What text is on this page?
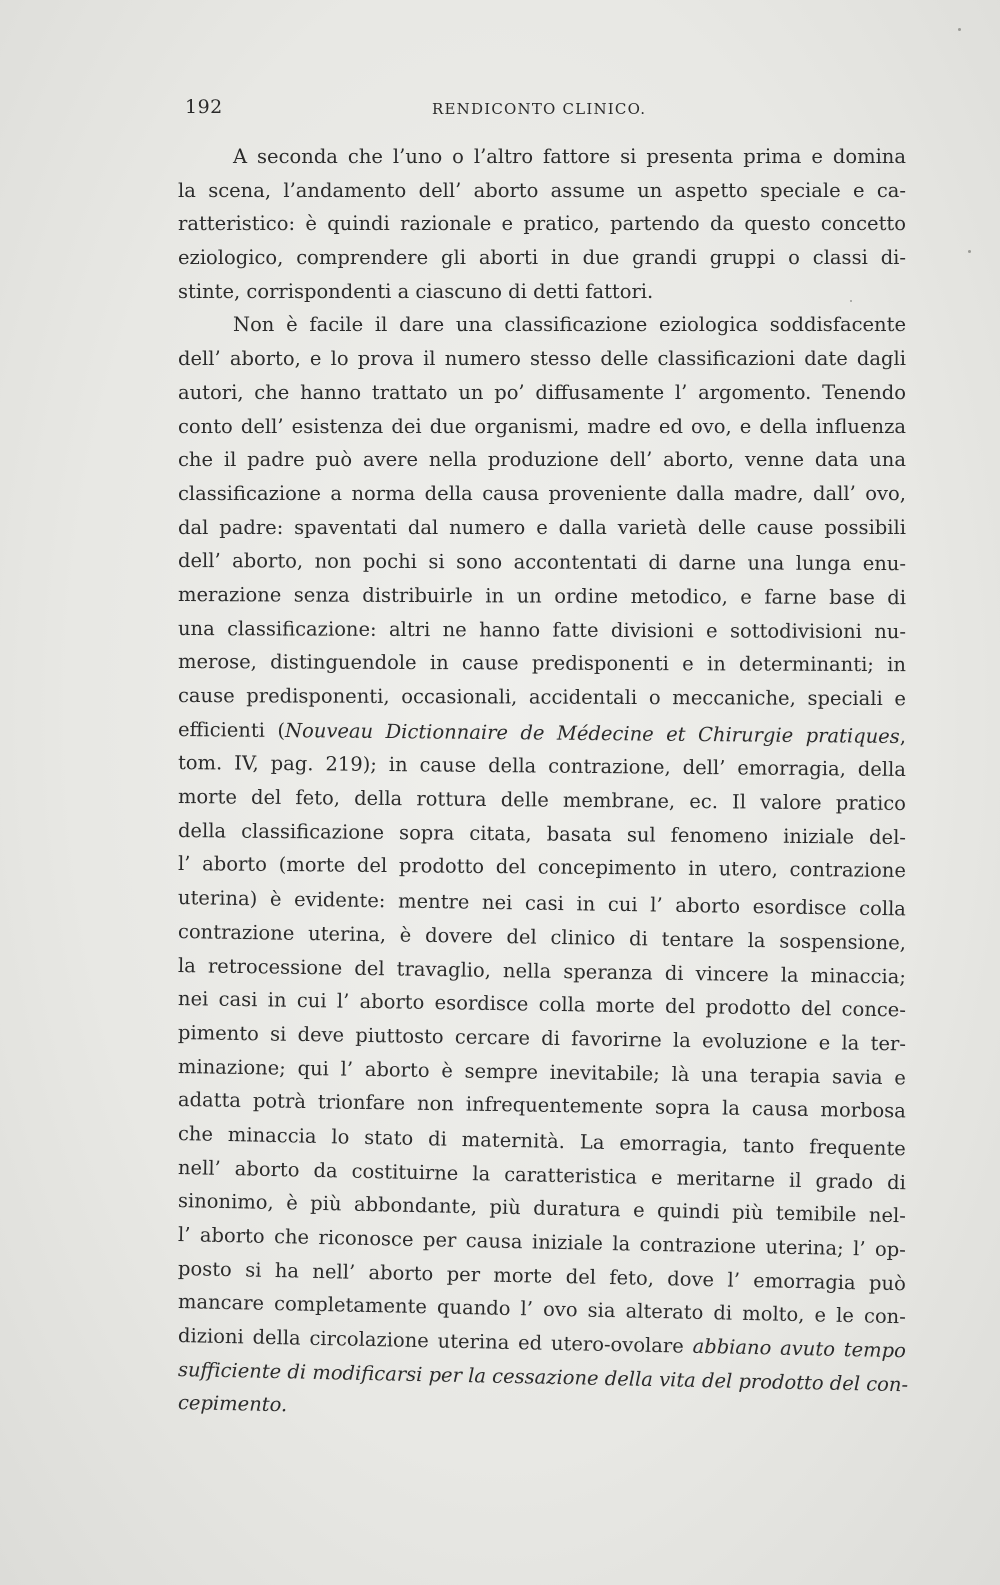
192	RENDICONTO CLINICO.
A seconda che l’uno o l’altro fattore si presenta prima e domina
la scena, l’andamento dell’ aborto assume un aspetto speciale e ca-
ratteristico: è quindi razionale e pratico, partendo da questo concetto
eziologico, comprendere gli aborti in due grandi gruppi o classi di-
stinte, corrispondenti a ciascuno di detti fattori.
Non è facile il dare una classificazione eziologica soddisfacente
dell’ aborto, e lo prova il numero stesso delle classificazioni date dagli
autori, che hanno trattato un po’ diffusamente l’ argomento. Tenendo
conto dell’ esistenza dei due organismi, madre ed ovo, e della influenza
che il padre può avere nella produzione dell’ aborto, venne data una
classificazione a norma della causa proveniente dalla madre, dall’ ovo,
dal padre: spaventati dal numero e dalla varietà delle cause possibili
dell’ aborto, non pochi si sono accontentati di darne una lunga enu-
merazione senza distribuirle in un ordine metodico, e farne base di
una classificazione: altri ne hanno fatte divisioni e sottodivisioni nu-
merose, distinguendole in cause predisponenti e in determinanti; in
cause predisponenti, occasionali, accidentali o meccaniche, speciali e
efficienti (Nouveau Dictionnaire de Médecine et Chirurgie pratiques,
tom. IV, pag. 219); in cause della contrazione, dell’ emorragia, della
morte del feto, della rottura delle membrane, ec. Il valore pratico
della classificazione sopra citata, basata sul fenomeno iniziale del-
l’ aborto (morte del prodotto del concepimento in utero, contrazione
uterina) è evidente: mentre nei casi in cui l’ aborto esordisce colla
contrazione uterina, è dovere del clinico di tentare la sospensione,
la retrocessione del travaglio, nella speranza di vincere la minaccia;
nei casi in cui l’ aborto esordisce colla morte del prodotto del conce-
pimento si deve piuttosto cercare di favorirne la evoluzione e la ter-
minazione; qui l’ aborto è sempre inevitabile; là una terapia savia e
adatta potrà trionfare non infrequentemente sopra la causa morbosa
che minaccia lo stato di maternità. La emorragia, tanto frequente
nell’ aborto da costituirne la caratteristica e meritarne il grado di
sinonimo, è più abbondante, più duratura e quindi più temibile nel-
l’ aborto che riconosce per causa iniziale la contrazione uterina; l’ op-
posto si ha nell’ aborto per morte del feto, dove l’ emorragia può
mancare completamente quando l’ ovo sia alterato di molto, e le con-
dizioni della circolazione uterina ed utero-ovolare abbiano avuto tempo
sufficiente di modificarsi per la cessazione della vita del prodotto del con-
cepimento.
